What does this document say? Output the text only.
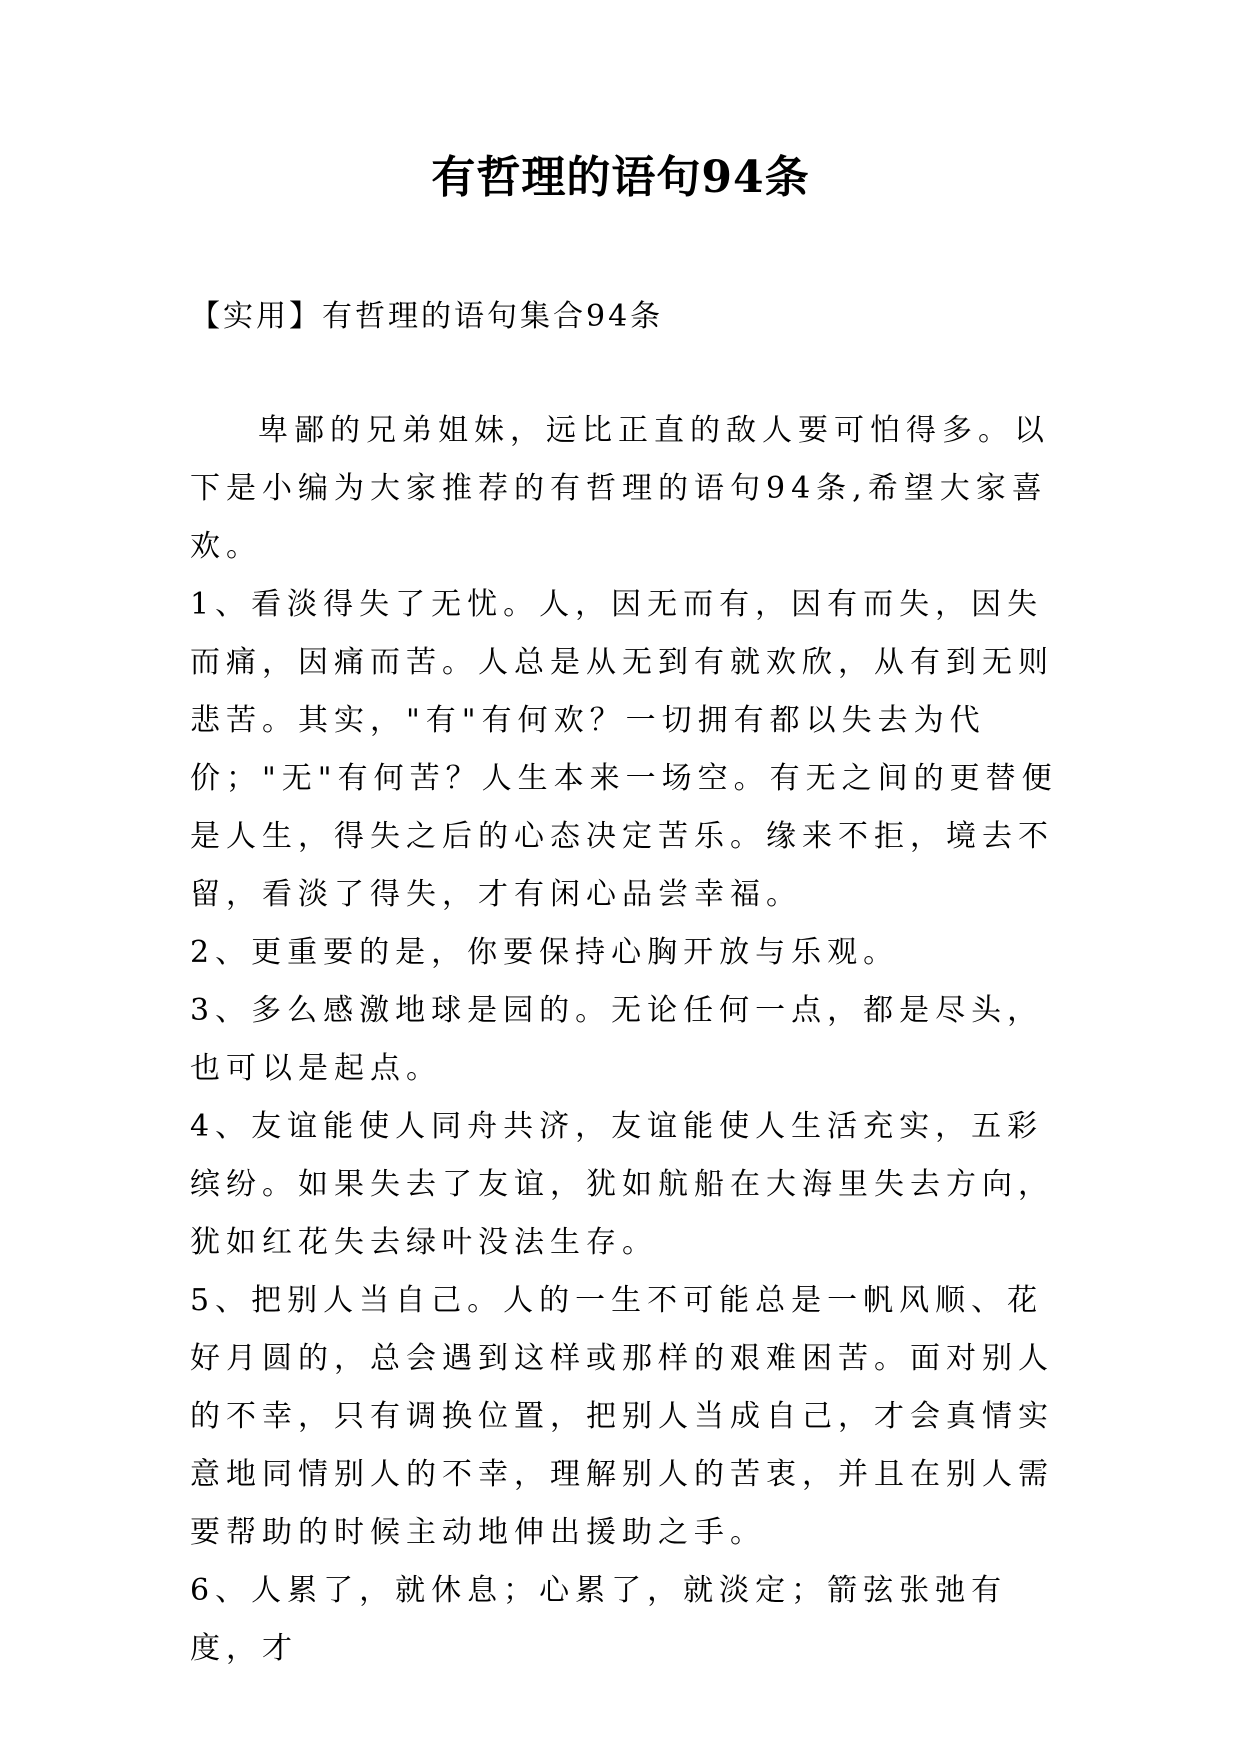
有哲理的语句94条

【实用】有哲理的语句集合94条

卑鄙的兄弟姐妹，远比正直的敌人要可怕得多。以下是小编为大家推荐的有哲理的语句94条,希望大家喜欢。

1、看淡得失了无忧。人，因无而有，因有而失，因失而痛，因痛而苦。人总是从无到有就欢欣，从有到无则悲苦。其实，"有"有何欢？一切拥有都以失去为代价；"无"有何苦？人生本来一场空。有无之间的更替便是人生，得失之后的心态决定苦乐。缘来不拒，境去不留，看淡了得失，才有闲心品尝幸福。

2、更重要的是，你要保持心胸开放与乐观。

3、多么感激地球是园的。无论任何一点，都是尽头，也可以是起点。

4、友谊能使人同舟共济，友谊能使人生活充实，五彩缤纷。如果失去了友谊，犹如航船在大海里失去方向，犹如红花失去绿叶没法生存。

5、把别人当自己。人的一生不可能总是一帆风顺、花好月圆的，总会遇到这样或那样的艰难困苦。面对别人的不幸，只有调换位置，把别人当成自己，才会真情实意地同情别人的不幸，理解别人的苦衷，并且在别人需要帮助的时候主动地伸出援助之手。

6、人累了，就休息；心累了，就淡定；箭弦张弛有度，才
